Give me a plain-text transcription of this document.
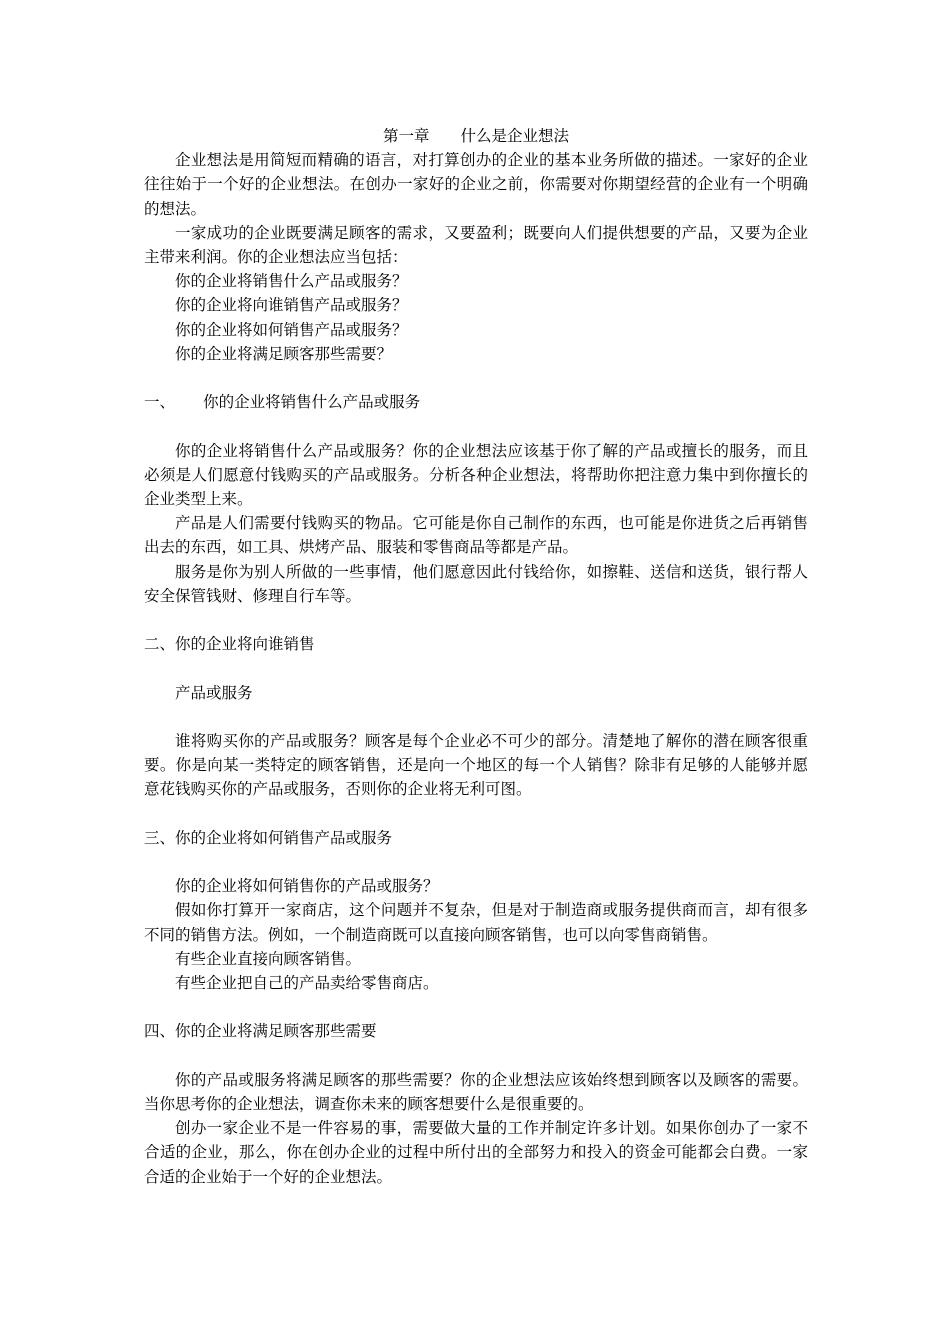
第一章　　什么是企业想法

企业想法是用简短而精确的语言，对打算创办的企业的基本业务所做的描述。一家好的企业往往始于一个好的企业想法。在创办一家好的企业之前，你需要对你期望经营的企业有一个明确的想法。

一家成功的企业既要满足顾客的需求，又要盈利；既要向人们提供想要的产品，又要为企业主带来利润。你的企业想法应当包括：

你的企业将销售什么产品或服务？

你的企业将向谁销售产品或服务？

你的企业将如何销售产品或服务？

你的企业将满足顾客那些需要？

一、　　 你的企业将销售什么产品或服务

你的企业将销售什么产品或服务？你的企业想法应该基于你了解的产品或擅长的服务，而且必须是人们愿意付钱购买的产品或服务。分析各种企业想法，将帮助你把注意力集中到你擅长的企业类型上来。

产品是人们需要付钱购买的物品。它可能是你自己制作的东西，也可能是你进货之后再销售出去的东西，如工具、烘烤产品、服装和零售商品等都是产品。

服务是你为别人所做的一些事情，他们愿意因此付钱给你，如擦鞋、送信和送货，银行帮人安全保管钱财、修理自行车等。

二、你的企业将向谁销售

产品或服务

谁将购买你的产品或服务？顾客是每个企业必不可少的部分。清楚地了解你的潜在顾客很重要。你是向某一类特定的顾客销售，还是向一个地区的每一个人销售？除非有足够的人能够并愿意花钱购买你的产品或服务，否则你的企业将无利可图。

三、你的企业将如何销售产品或服务

你的企业将如何销售你的产品或服务？

假如你打算开一家商店，这个问题并不复杂，但是对于制造商或服务提供商而言，却有很多不同的销售方法。例如，一个制造商既可以直接向顾客销售，也可以向零售商销售。

有些企业直接向顾客销售。

有些企业把自己的产品卖给零售商店。

四、你的企业将满足顾客那些需要

你的产品或服务将满足顾客的那些需要？你的企业想法应该始终想到顾客以及顾客的需要。当你思考你的企业想法，调查你未来的顾客想要什么是很重要的。

创办一家企业不是一件容易的事，需要做大量的工作并制定许多计划。如果你创办了一家不合适的企业，那么，你在创办企业的过程中所付出的全部努力和投入的资金可能都会白费。一家合适的企业始于一个好的企业想法。
